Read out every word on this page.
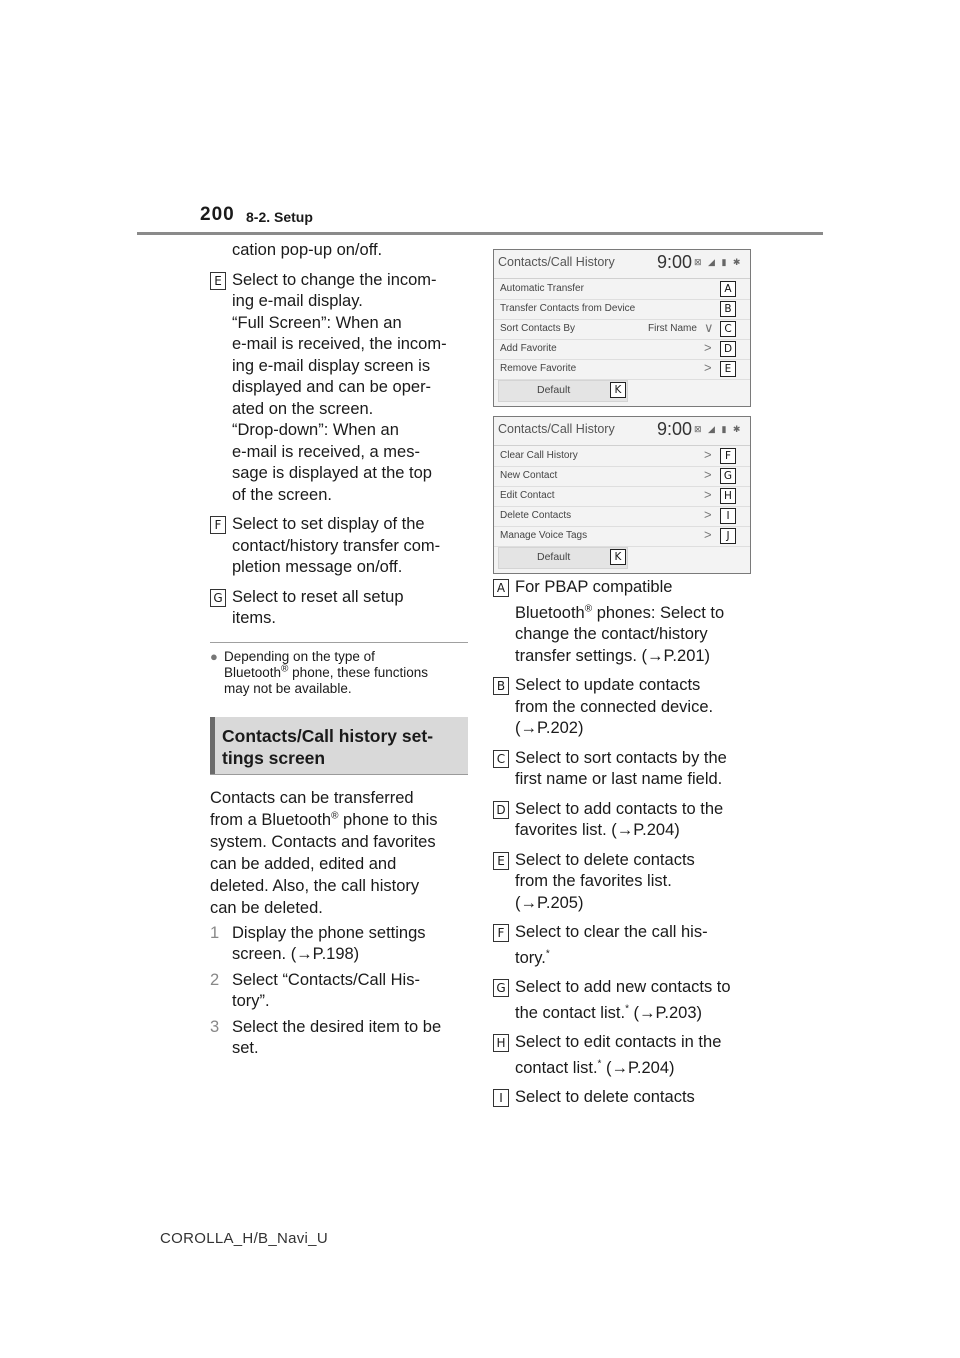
200 8-2. Setup
cation pop-up on/off.
E Select to change the incom-
ing e-mail display.
“Full Screen”: When an
e-mail is received, the incom-
ing e-mail display screen is
displayed and can be oper-
ated on the screen.
“Drop-down”: When an
e-mail is received, a mes-
sage is displayed at the top
of the screen.
F Select to set display of the
contact/history transfer com-
pletion message on/off.
G Select to reset all setup
items.
● Depending on the type of
Bluetooth® phone, these functions
may not be available.
Contacts/Call history set-
tings screen
Contacts can be transferred
from a Bluetooth® phone to this
system. Contacts and favorites
can be added, edited and
deleted. Also, the call history
can be deleted.
1 Display the phone settings
screen. (→P.198)
2 Select “Contacts/Call His-
tory”.
3 Select the desired item to be
set.
Contacts/Call History 9:00 ⊠ ◢ ▮ ✱
Automatic Transfer	A
Transfer Contacts from Device	B
Sort Contacts By	First Name ∨	C
Add Favorite	>	D
Remove Favorite	>	E
Default	K
Contacts/Call History 9:00 ⊠ ◢ ▮ ✱
Clear Call History	>	F
New Contact	>	G
Edit Contact	>	H
Delete Contacts	>	I
Manage Voice Tags	>	J
Default	K
A For PBAP compatible
Bluetooth® phones: Select to
change the contact/history
transfer settings. (→P.201)
B Select to update contacts
from the connected device.
(→P.202)
C Select to sort contacts by the
first name or last name field.
D Select to add contacts to the
favorites list. (→P.204)
E Select to delete contacts
from the favorites list.
(→P.205)
F Select to clear the call his-
tory.*
G Select to add new contacts to
the contact list.* (→P.203)
H Select to edit contacts in the
contact list.* (→P.204)
I Select to delete contacts
COROLLA_H/B_Navi_U
